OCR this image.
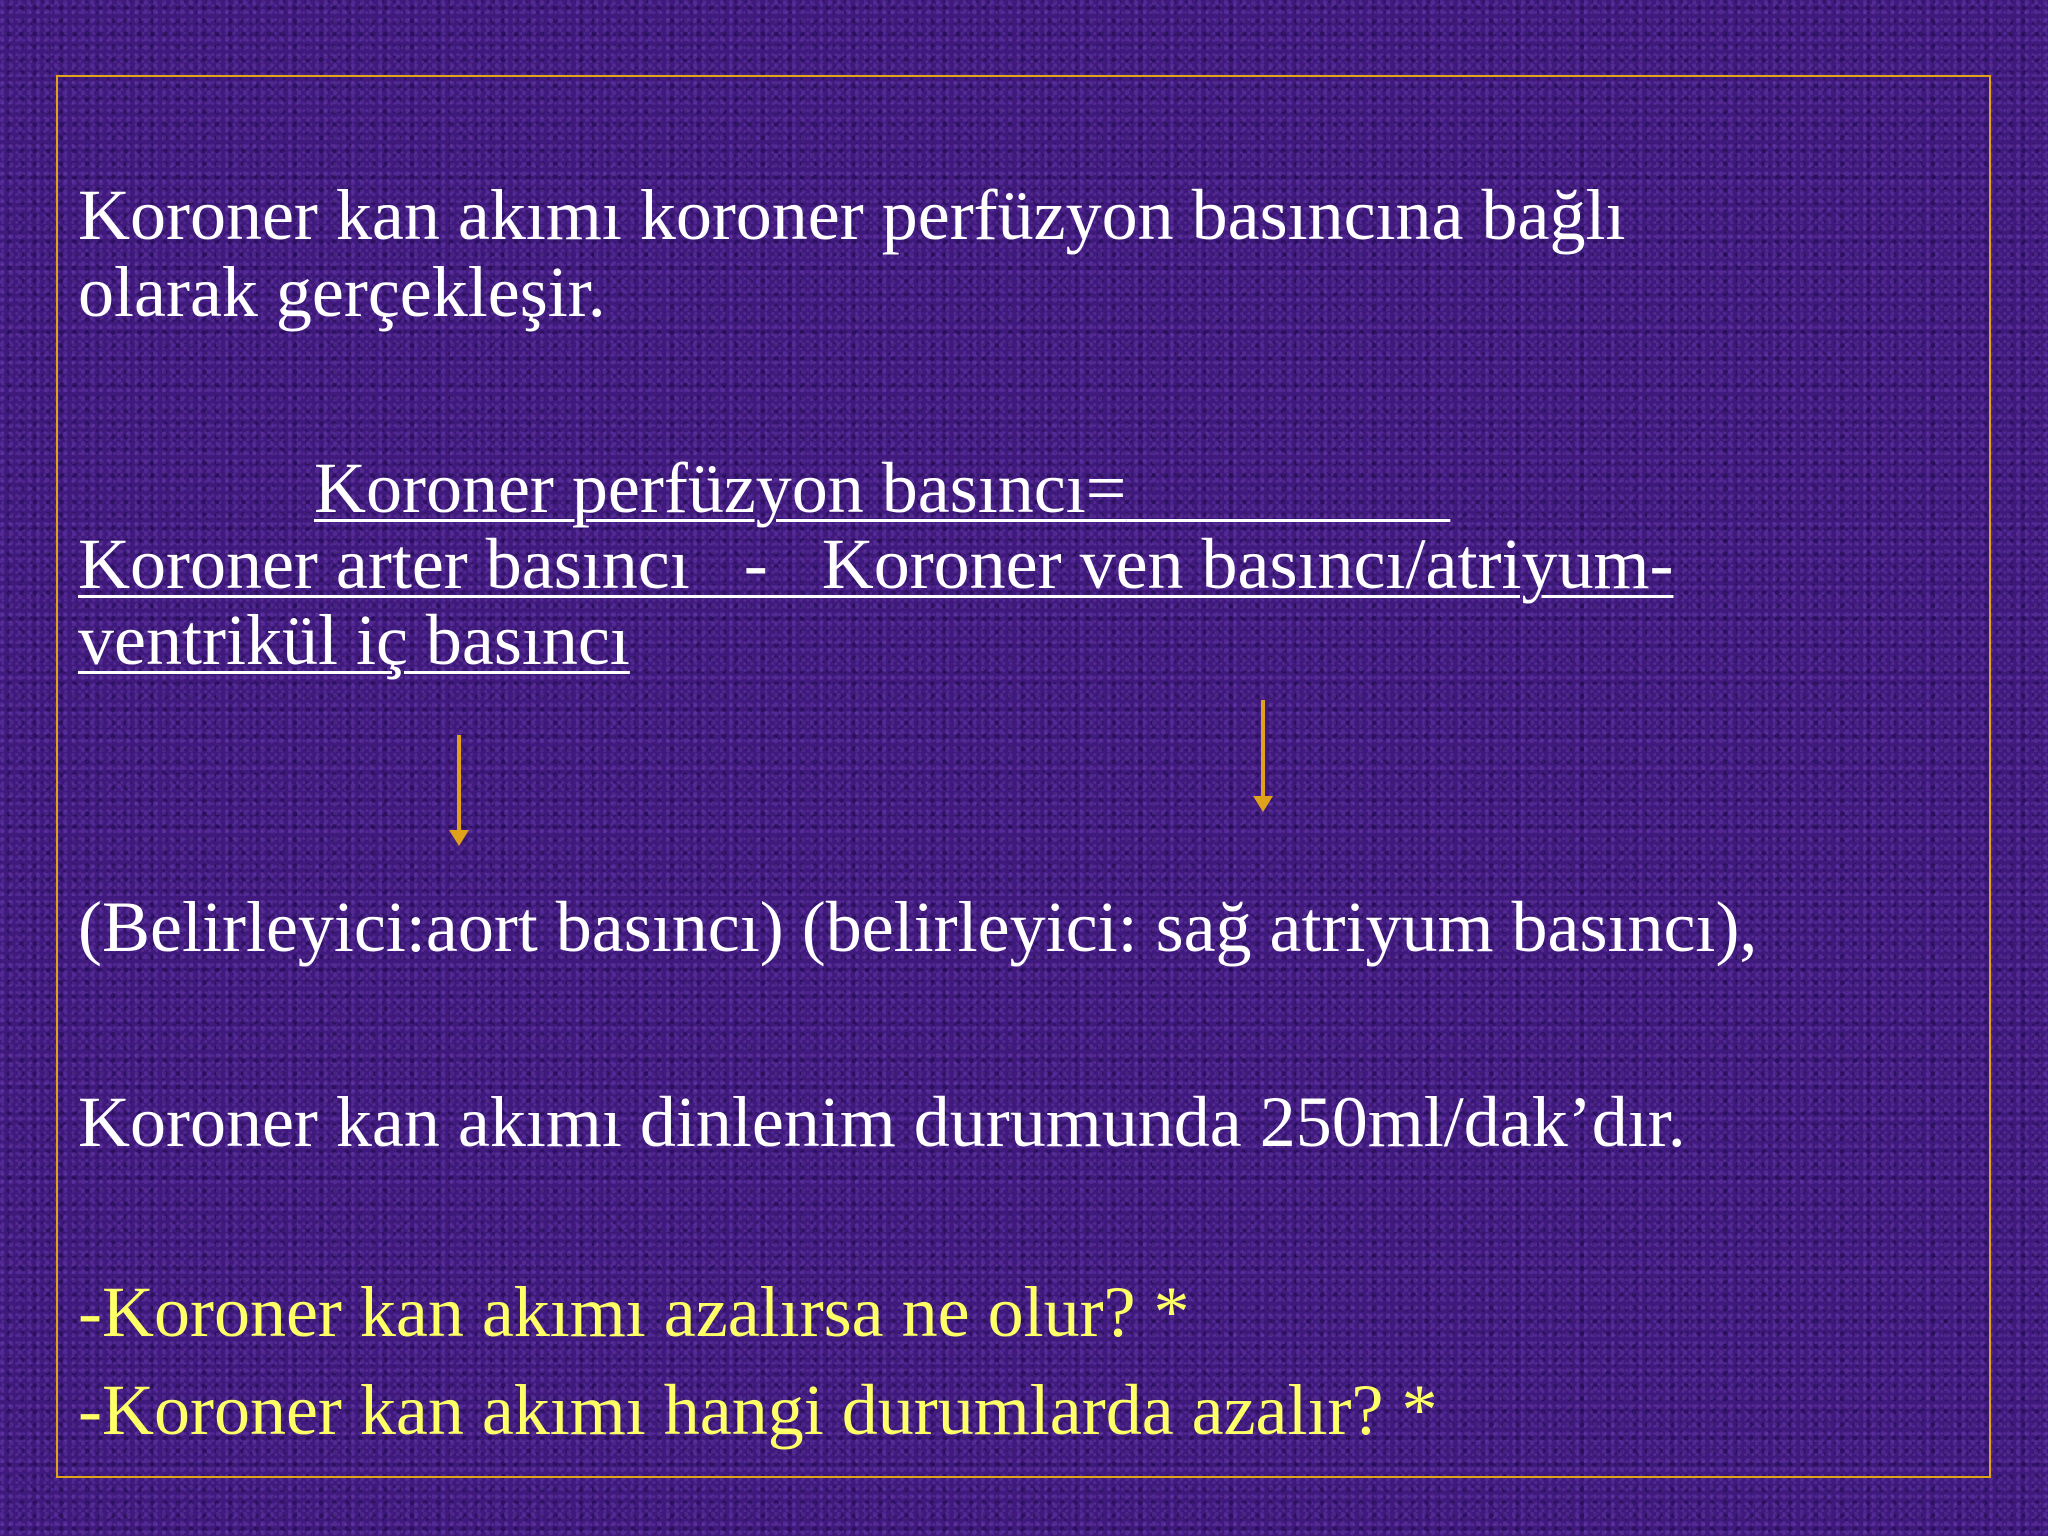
Koroner kan akımı koroner perfüzyon basıncına bağlı
olarak gerçekleşir.
Koroner perfüzyon basıncı=
Koroner arter basıncı   -   Koroner ven basıncı/atriyum-
ventrikül iç basıncı
(Belirleyici:aort basıncı) (belirleyici: sağ atriyum basıncı),
Koroner kan akımı dinlenim durumunda 250ml/dak’dır.
-Koroner kan akımı azalırsa ne olur? *
-Koroner kan akımı hangi durumlarda azalır? *
